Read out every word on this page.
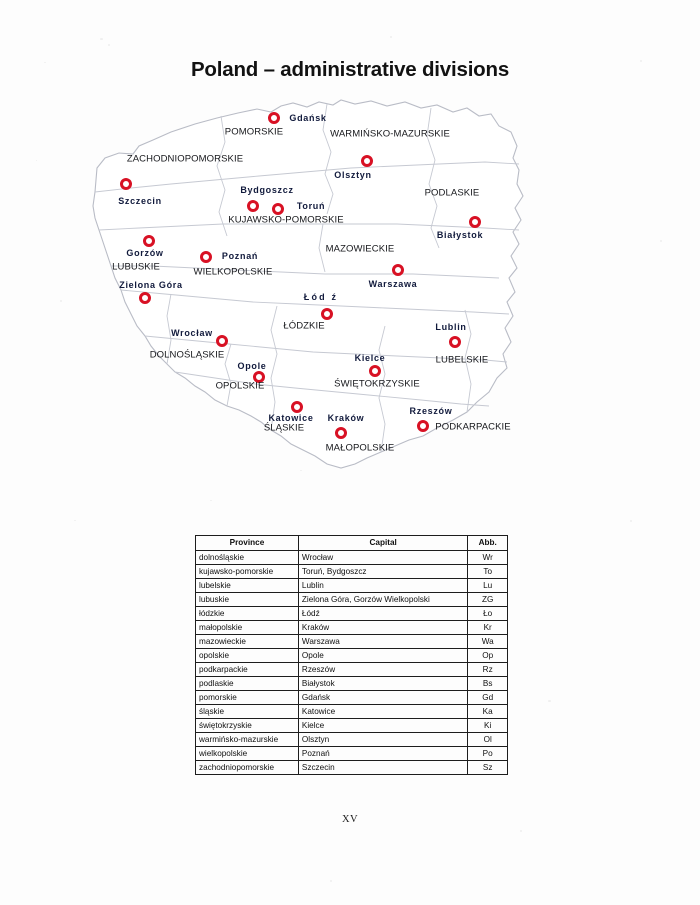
Poland – administrative divisions
Gdańsk
Olsztyn
Szczecin
Bydgoszcz
Toruń
Białystok
Gorzów	Poznań
Warszawa
Zielona Góra
Łód ź
Wrocław
Lublin
Opole
Kielce
Katowice Kraków
Rzeszów
POMORSKIE	WARMIŃSKO-MAZURSKIE
ZACHODNIOPOMORSKIE
PODLASKIE
KUJAWSKO-POMORSKIE
MAZOWIECKIE
LUBUSKIE	WIELKOPOLSKIE
ŁÓDZKIE
LUBELSKIE
DOLNOŚLĄSKIE
OPOLSKIE	ŚWIĘTOKRZYSKIE
PODKARPACKIE
ŚLĄSKIE
MAŁOPOLSKIE
Province	Capital	Abb.
dolnośląskie	Wrocław	Wr
kujawsko-pomorskie	Toruń, Bydgoszcz	To
lubelskie	Lublin	Lu
lubuskie	Zielona Góra, Gorzów Wielkopolski	ZG
łódzkie	Łódź	Ło
małopolskie	Kraków	Kr
mazowieckie	Warszawa	Wa
opolskie	Opole	Op
podkarpackie	Rzeszów	Rz
podlaskie	Białystok	Bs
pomorskie	Gdańsk	Gd
śląskie	Katowice	Ka
świętokrzyskie	Kielce	Ki
warmińsko-mazurskie	Olsztyn	Ol
wielkopolskie	Poznań	Po
zachodniopomorskie	Szczecin	Sz
XV
